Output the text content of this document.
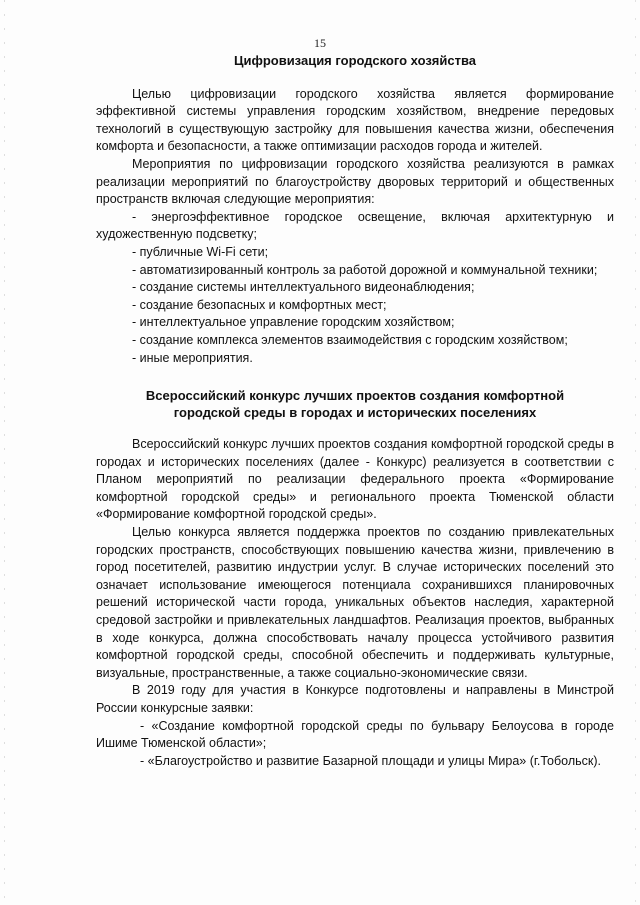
15

Цифровизация городского хозяйства

Целью цифровизации городского хозяйства является формирование эффективной системы управления городским хозяйством, внедрение передовых технологий в существующую застройку для повышения качества жизни, обеспечения комфорта и безопасности, а также оптимизации расходов города и жителей.

Мероприятия по цифровизации городского хозяйства реализуются в рамках реализации мероприятий по благоустройству дворовых территорий и общественных пространств включая следующие мероприятия:

- энергоэффективное городское освещение, включая архитектурную и художественную подсветку;

- публичные Wi-Fi сети;

- автоматизированный контроль за работой дорожной и коммунальной техники;

- создание системы интеллектуального видеонаблюдения;

- создание безопасных и комфортных мест;

- интеллектуальное управление городским хозяйством;

- создание комплекса элементов взаимодействия с городским хозяйством;

- иные мероприятия.

Всероссийский конкурс лучших проектов создания комфортной

городской среды в городах и исторических поселениях

Всероссийский конкурс лучших проектов создания комфортной городской среды в городах и исторических поселениях (далее - Конкурс) реализуется в соответствии с Планом мероприятий по реализации федерального проекта «Формирование комфортной городской среды» и регионального проекта Тюменской области «Формирование комфортной городской среды».

Целью конкурса является поддержка проектов по созданию привлекательных городских пространств, способствующих повышению качества жизни, привлечению в город посетителей, развитию индустрии услуг. В случае исторических поселений это означает использование имеющегося потенциала сохранившихся планировочных решений исторической части города, уникальных объектов наследия, характерной средовой застройки и привлекательных ландшафтов. Реализация проектов, выбранных в ходе конкурса, должна способствовать началу процесса устойчивого развития комфортной городской среды, способной обеспечить и поддерживать культурные, визуальные, пространственные, а также социально-экономические связи.

В 2019 году для участия в Конкурсе подготовлены и направлены в Минстрой России конкурсные заявки:

- «Создание комфортной городской среды по бульвару Белоусова в городе Ишиме Тюменской области»;

- «Благоустройство и развитие Базарной площади и улицы Мира» (г.Тобольск).
